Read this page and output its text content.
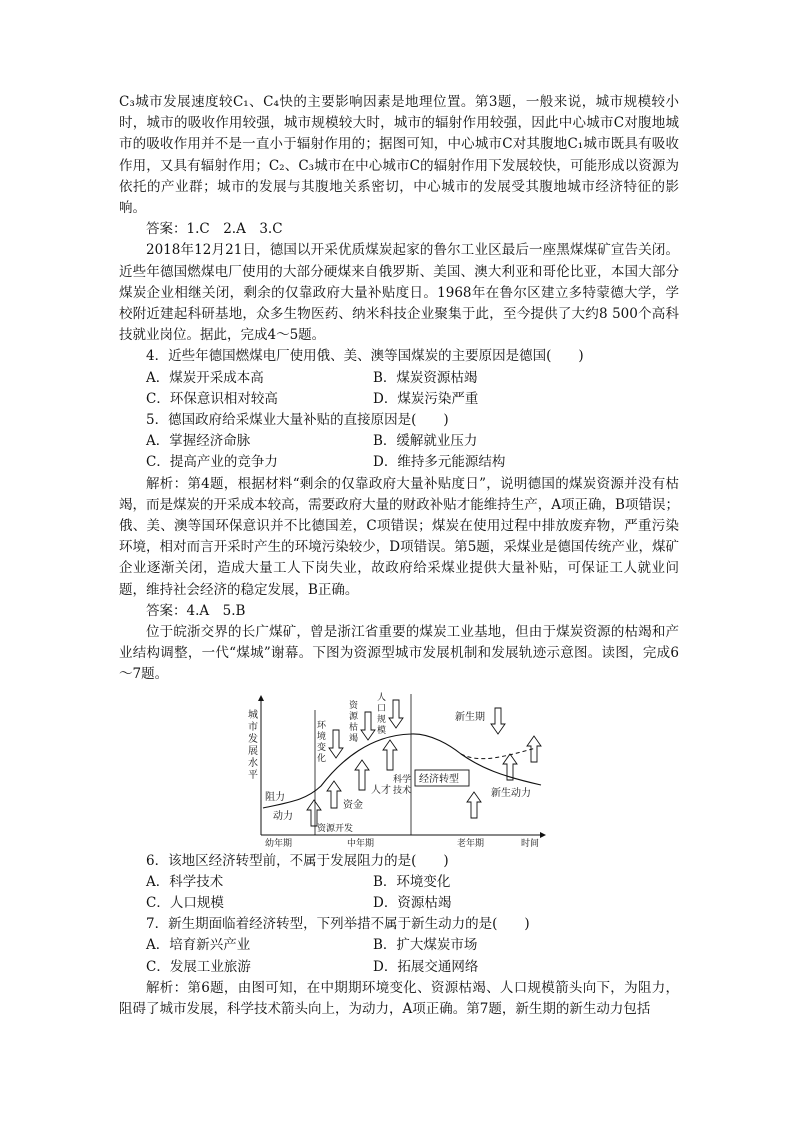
C₃城市发展速度较C₁、C₄快的主要影响因素是地理位置。第3题，一般来说，城市规模较小时，城市的吸收作用较强，城市规模较大时，城市的辐射作用较强，因此中心城市C对腹地城市的吸收作用并不是一直小于辐射作用的；据图可知，中心城市C对其腹地C₁城市既具有吸收作用，又具有辐射作用；C₂、C₃城市在中心城市C的辐射作用下发展较快，可能形成以资源为依托的产业群；城市的发展与其腹地关系密切，中心城市的发展受其腹地城市经济特征的影响。

答案：1.C　2.A　3.C

2018年12月21日，德国以开采优质煤炭起家的鲁尔工业区最后一座黑煤煤矿宣告关闭。近些年德国燃煤电厂使用的大部分硬煤来自俄罗斯、美国、澳大利亚和哥伦比亚，本国大部分煤炭企业相继关闭，剩余的仅靠政府大量补贴度日。1968年在鲁尔区建立多特蒙德大学，学校附近建起科研基地，众多生物医药、纳米科技企业聚集于此，至今提供了大约8 500个高科技就业岗位。据此，完成4～5题。

4．近些年德国燃煤电厂使用俄、美、澳等国煤炭的主要原因是德国(　　)

A．煤炭开采成本高	B．煤炭资源枯竭
C．环保意识相对较高	D．煤炭污染严重

5．德国政府给采煤业大量补贴的直接原因是(　　)

A．掌握经济命脉	B．缓解就业压力
C．提高产业的竞争力	D．维持多元能源结构

解析：第4题，根据材料“剩余的仅靠政府大量补贴度日”，说明德国的煤炭资源并没有枯竭，而是煤炭的开采成本较高，需要政府大量的财政补贴才能维持生产，A项正确，B项错误；俄、美、澳等国环保意识并不比德国差，C项错误；煤炭在使用过程中排放废弃物，严重污染环境，相对而言开采时产生的环境污染较少，D项错误。第5题，采煤业是德国传统产业，煤矿企业逐渐关闭，造成大量工人下岗失业，故政府给采煤业提供大量补贴，可保证工人就业问题，维持社会经济的稳定发展，B正确。

答案：4.A　5.B

位于皖浙交界的长广煤矿，曾是浙江省重要的煤炭工业基地，但由于煤炭资源的枯竭和产业结构调整，一代“煤城”谢幕。下图为资源型城市发展机制和发展轨迹示意图。读图，完成6～7题。

城
市
发
展
水
平
阻力
动力
资源开发
资金
人才
科学
技术
环
境
变
化
资
源
枯
竭
人
口
规
模
经济转型
新生期
新生动力
幼年期	中年期	老年期	时间

6．该地区经济转型前，不属于发展阻力的是(　　)

A．科学技术	B．环境变化
C．人口规模	D．资源枯竭

7．新生期面临着经济转型，下列举措不属于新生动力的是(　　)

A．培育新兴产业	B．扩大煤炭市场
C．发展工业旅游	D．拓展交通网络

解析：第6题，由图可知，在中期期环境变化、资源枯竭、人口规模箭头向下，为阻力，阻碍了城市发展，科学技术箭头向上，为动力，A项正确。第7题，新生期的新生动力包括
